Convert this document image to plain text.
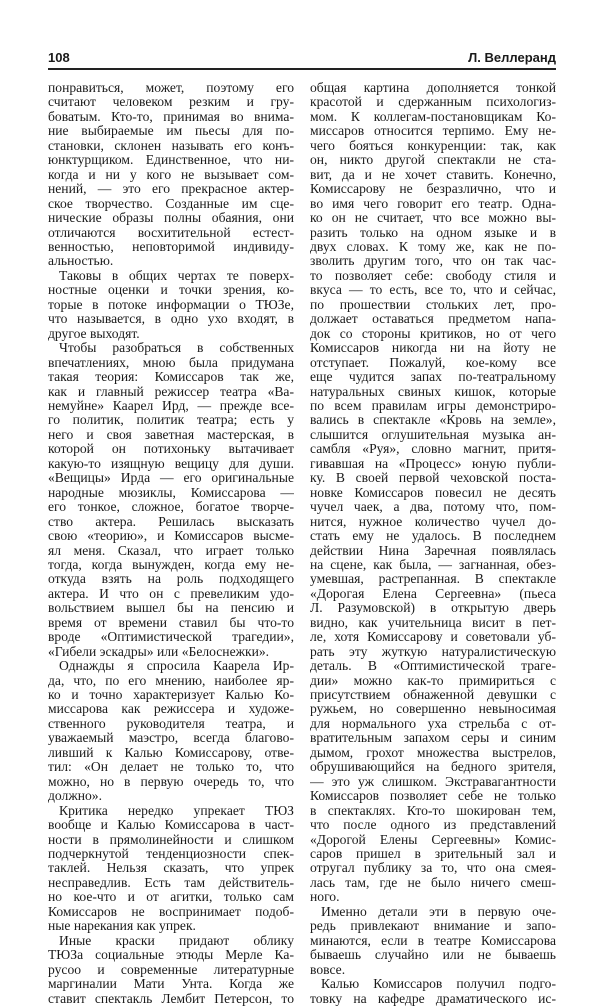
108	Л. Веллеранд
понравиться, может, поэтому его
считают человеком резким и гру-
боватым. Кто-то, принимая во внима-
ние выбираемые им пьесы для по-
становки, склонен называть его конъ-
юнктурщиком. Единственное, что ни-
когда и ни у кого не вызывает сом-
нений, — это его прекрасное актер-
ское творчество. Созданные им сце-
нические образы полны обаяния, они
отличаются восхитительной естест-
венностью, неповторимой индивиду-
альностью.
Таковы в общих чертах те поверх-
ностные оценки и точки зрения, ко-
торые в потоке информации о ТЮЗе,
что называется, в одно ухо входят, в
другое выходят.
Чтобы разобраться в собственных
впечатлениях, мною была придумана
такая теория: Комиссаров так же,
как и главный режиссер театра «Ва-
немуйне» Каарел Ирд, — прежде все-
го политик, политик театра; есть у
него и своя заветная мастерская, в
которой он потихоньку вытачивает
какую-то изящную вещицу для души.
«Вещицы» Ирда — его оригинальные
народные мюзиклы, Комиссарова —
его тонкое, сложное, богатое творче-
ство актера. Решилась высказать
свою «теорию», и Комиссаров высме-
ял меня. Сказал, что играет только
тогда, когда вынужден, когда ему не-
откуда взять на роль подходящего
актера. И что он с превеликим удо-
вольствием вышел бы на пенсию и
время от времени ставил бы что-то
вроде «Оптимистической трагедии»,
«Гибели эскадры» или «Белоснежки».
Однажды я спросила Каарела Ир-
да, что, по его мнению, наиболее яр-
ко и точно характеризует Калью Ко-
миссарова как режиссера и художе-
ственного руководителя театра, и
уважаемый маэстро, всегда благово-
ливший к Калью Комиссарову, отве-
тил: «Он делает не только то, что
можно, но в первую очередь то, что
должно».
Критика нередко упрекает ТЮЗ
вообще и Калью Комиссарова в част-
ности в прямолинейности и слишком
подчеркнутой тенденциозности спек-
таклей. Нельзя сказать, что упрек
несправедлив. Есть там действитель-
но кое-что и от агитки, только сам
Комиссаров не воспринимает подоб-
ные нарекания как упрек.
Иные краски придают облику
ТЮЗа социальные этюды Мерле Ка-
русоо и современные литературные
маргиналии Мати Унта. Когда же
ставит спектакль Лембит Петерсон, то
общая картина дополняется тонкой
красотой и сдержанным психологиз-
мом. К коллегам-постановщикам Ко-
миссаров относится терпимо. Ему не-
чего бояться конкуренции: так, как
он, никто другой спектакли не ста-
вит, да и не хочет ставить. Конечно,
Комиссарову не безразлично, что и
во имя чего говорит его театр. Одна-
ко он не считает, что все можно вы-
разить только на одном языке и в
двух словах. К тому же, как не по-
зволить другим того, что он так час-
то позволяет себе: свободу стиля и
вкуса — то есть, все то, что и сейчас,
по прошествии стольких лет, про-
должает оставаться предметом напа-
док со стороны критиков, но от чего
Комиссаров никогда ни на йоту не
отступает. Пожалуй, кое-кому все
еще чудится запах по-театральному
натуральных свиных кишок, которые
по всем правилам игры демонстриро-
вались в спектакле «Кровь на земле»,
слышится оглушительная музыка ан-
самбля «Руя», словно магнит, притя-
гивавшая на «Процесс» юную публи-
ку. В своей первой чеховской поста-
новке Комиссаров повесил не десять
чучел чаек, а два, потому что, пом-
нится, нужное количество чучел до-
стать ему не удалось. В последнем
действии Нина Заречная появлялась
на сцене, как была, — загнанная, обез-
умевшая, растрепанная. В спектакле
«Дорогая Елена Сергеевна» (пьеса
Л. Разумовской) в открытую дверь
видно, как учительница висит в пет-
ле, хотя Комиссарову и советовали уб-
рать эту жуткую натуралистическую
деталь. В «Оптимистической траге-
дии» можно как-то примириться с
присутствием обнаженной девушки с
ружьем, но совершенно невыносимая
для нормального уха стрельба с от-
вратительным запахом серы и синим
дымом, грохот множества выстрелов,
обрушивающийся на бедного зрителя,
— это уж слишком. Экстравагантности
Комиссаров позволяет себе не только
в спектаклях. Кто-то шокирован тем,
что после одного из представлений
«Дорогой Елены Сергеевны» Комис-
саров пришел в зрительный зал и
отругал публику за то, что она смея-
лась там, где не было ничего смеш-
ного.
Именно детали эти в первую оче-
редь привлекают внимание и запо-
минаются, если в театре Комиссарова
бываешь случайно или не бываешь
вовсе.
Калью Комиссаров получил подго-
товку на кафедре драматического ис-
